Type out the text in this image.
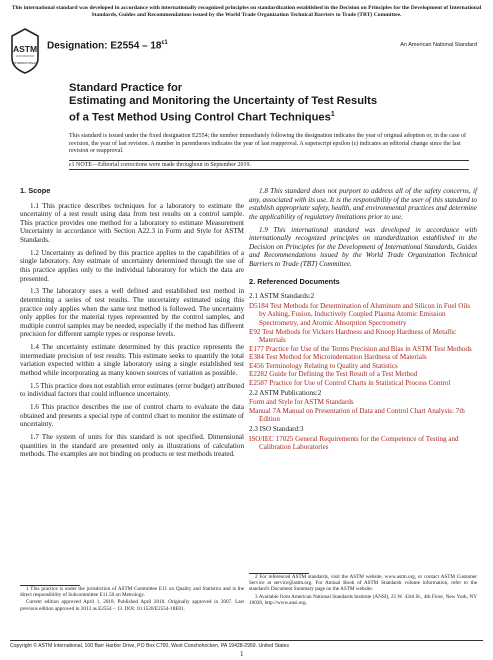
This international standard was developed in accordance with internationally recognized principles on standardization established in the Decision on Principles for the Development of International Standards, Guides and Recommendations issued by the World Trade Organization Technical Barriers to Trade (TBT) Committee.
ASTM
INTERNATIONAL
Designation: $E2554 - 18^{\varepsilon 1}$	An American National Standard
Standard Practice for
Estimating and Monitoring the Uncertainty of Test Results
of a Test Method Using Control Chart Techniques$^1$
This standard is issued under the fixed designation E2554; the number immediately following the designation indicates the year of original adoption or, in the case of revision, the year of last revision. A number in parentheses indicates the year of last reapproval. A superscript epsilon (ε) indicates an editorial change since the last revision or reapproval.
ε1 NOTE—Editorial corrections were made throughout in September 2019.
1. Scope

1.1 This practice describes techniques for a laboratory to estimate the uncertainty of a test result using data from test results on a control sample. This practice provides one method for a laboratory to estimate Measurement Uncertainty in accordance with Section A22.3 in Form and Style for ASTM Standards.

1.2 Uncertainty as defined by this practice applies to the capabilities of a single laboratory. Any estimate of uncertainty determined through the use of this practice applies only to the individual laboratory for which the data are presented.

1.3 The laboratory uses a well defined and established test method in determining a series of test results. The uncertainty estimated using this practice only applies when the same test method is followed. The uncertainty only applies for the material types represented by the control samples, and multiple control samples may be needed, especially if the method has different precision for different sample types or response levels.

1.4 The uncertainty estimate determined by this practice represents the intermediate precision of test results. This estimate seeks to quantify the total variation expected within a single laboratory using a single established test method while incorporating as many known sources of variation as possible.

1.5 This practice does not establish error estimates (error budget) attributed to individual factors that could influence uncertainty.

1.6 This practice describes the use of control charts to evaluate the data obtained and presents a special type of control chart to monitor the estimate of uncertainty.

1.7 The system of units for this standard is not specified. Dimensional quantities in the standard are presented only as illustrations of calculation methods. The examples are not binding on products or test methods treated.

1.8 This standard does not purport to address all of the safety concerns, if any, associated with its use. It is the responsibility of the user of this standard to establish appropriate safety, health, and environmental practices and determine the applicability of regulatory limitations prior to use.

1.9 This international standard was developed in accordance with internationally recognized principles on standardization established in the Decision on Principles for the Development of International Standards, Guides and Recommendations issued by the World Trade Organization Technical Barriers to Trade (TBT) Committee.

2. Referenced Documents

2.1 ASTM Standards:2

D5184 Test Methods for Determination of Aluminum and Silicon in Fuel Oils by Ashing, Fusion, Inductively Coupled Plasma Atomic Emission Spectrometry, and Atomic Absorption Spectrometry

E92 Test Methods for Vickers Hardness and Knoop Hardness of Metallic Materials

E177 Practice for Use of the Terms Precision and Bias in ASTM Test Methods

E384 Test Method for Microindentation Hardness of Materials

E456 Terminology Relating to Quality and Statistics

E2282 Guide for Defining the Test Result of a Test Method

E2587 Practice for Use of Control Charts in Statistical Process Control

2.2 ASTM Publications:2

Form and Style for ASTM Standards

Manual 7A Manual on Presentation of Data and Control Chart Analysis: 7th Edition

2.3 ISO Standard:3

ISO/IEC 17025 General Requirements for the Competence of Testing and Calibration Laboratories

2 For referenced ASTM standards, visit the ASTM website, www.astm.org, or contact ASTM Customer Service at service@astm.org. For Annual Book of ASTM Standards volume information, refer to the standard's Document Summary page on the ASTM website.

3 Available from American National Standards Institute (ANSI), 25 W. 43rd St., 4th Floor, New York, NY 10036, http://www.ansi.org.

1 This practice is under the jurisdiction of ASTM Committee E11 on Quality and Statistics and is the direct responsibility of Subcommittee E11.50 on Metrology.

Current edition approved April 1, 2018. Published April 2018. Originally approved in 2007. Last previous edition approved in 2013 as E2554 – 13. DOI: 10.1520/E2554-18E01.

Copyright © ASTM International, 100 Barr Harbor Drive, PO Box C700, West Conshohocken, PA 19428-2959. United States
1
